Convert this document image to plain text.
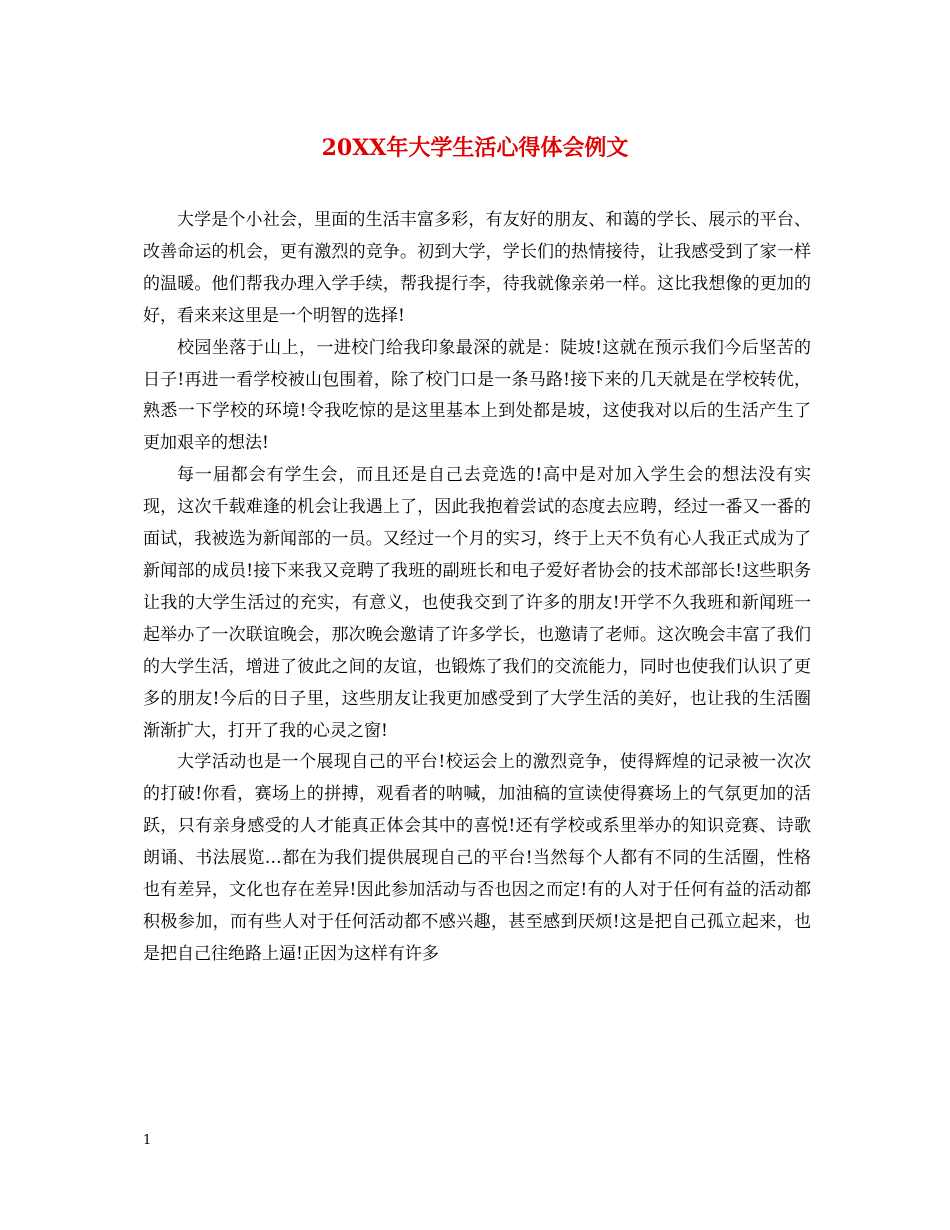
20XX年大学生活心得体会例文

大学是个小社会，里面的生活丰富多彩，有友好的朋友、和蔼的学长、展示的平台、改善命运的机会，更有激烈的竞争。初到大学，学长们的热情接待，让我感受到了家一样的温暖。他们帮我办理入学手续，帮我提行李，待我就像亲弟一样。这比我想像的更加的好，看来来这里是一个明智的选择!

校园坐落于山上，一进校门给我印象最深的就是：陡坡!这就在预示我们今后坚苦的日子!再进一看学校被山包围着，除了校门口是一条马路!接下来的几天就是在学校转优，熟悉一下学校的环境!令我吃惊的是这里基本上到处都是坡，这使我对以后的生活产生了更加艰辛的想法!

每一届都会有学生会，而且还是自己去竞选的!高中是对加入学生会的想法没有实现，这次千载难逢的机会让我遇上了，因此我抱着尝试的态度去应聘，经过一番又一番的面试，我被选为新闻部的一员。又经过一个月的实习，终于上天不负有心人我正式成为了新闻部的成员!接下来我又竞聘了我班的副班长和电子爱好者协会的技术部部长!这些职务让我的大学生活过的充实，有意义，也使我交到了许多的朋友!开学不久我班和新闻班一起举办了一次联谊晚会，那次晚会邀请了许多学长，也邀请了老师。这次晚会丰富了我们的大学生活，增进了彼此之间的友谊，也锻炼了我们的交流能力，同时也使我们认识了更多的朋友!今后的日子里，这些朋友让我更加感受到了大学生活的美好，也让我的生活圈渐渐扩大，打开了我的心灵之窗!

大学活动也是一个展现自己的平台!校运会上的激烈竞争，使得辉煌的记录被一次次的打破!你看，赛场上的拼搏，观看者的呐喊，加油稿的宣读使得赛场上的气氛更加的活跃，只有亲身感受的人才能真正体会其中的喜悦!还有学校或系里举办的知识竞赛、诗歌朗诵、书法展览…都在为我们提供展现自己的平台!当然每个人都有不同的生活圈，性格也有差异，文化也存在差异!因此参加活动与否也因之而定!有的人对于任何有益的活动都积极参加，而有些人对于任何活动都不感兴趣，甚至感到厌烦!这是把自己孤立起来，也是把自己往绝路上逼!正因为这样有许多

1
